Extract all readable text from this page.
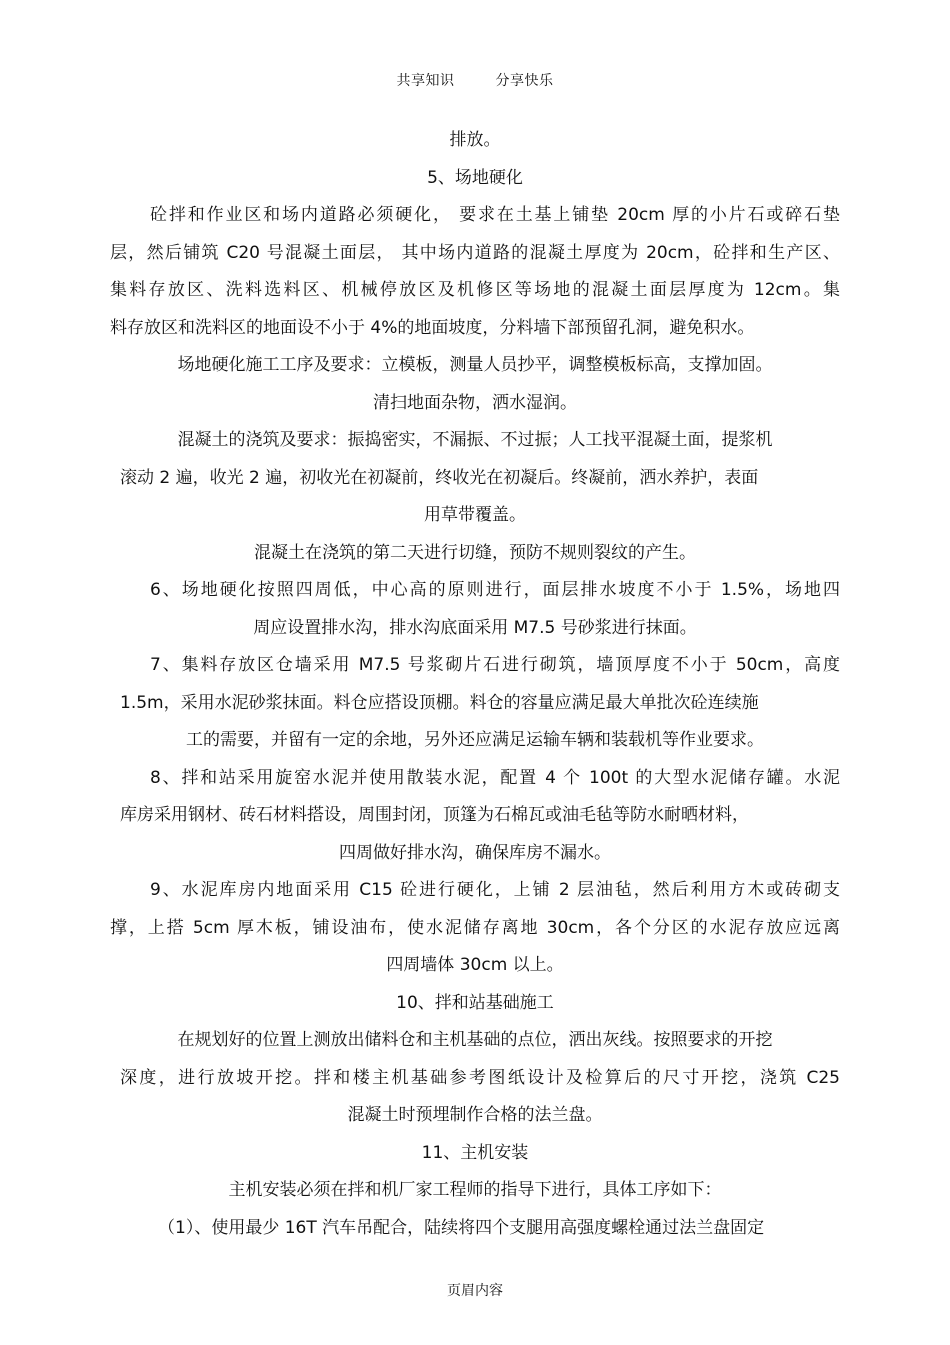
共享知识	分享快乐
排放。
5、场地硬化
砼拌和作业区和场内道路必须硬化， 要求在土基上铺垫 20cm 厚的小片石或碎石垫
层，然后铺筑 C20 号混凝土面层， 其中场内道路的混凝土厚度为 20cm，砼拌和生产区、
集料存放区、洗料选料区、机械停放区及机修区等场地的混凝土面层厚度为 12cm。集
料存放区和洗料区的地面设不小于 4%的地面坡度，分料墙下部预留孔洞，避免积水。
场地硬化施工工序及要求：立模板，测量人员抄平，调整模板标高，支撑加固。
清扫地面杂物，洒水湿润。
混凝土的浇筑及要求：振捣密实，不漏振、不过振；人工找平混凝土面，提浆机
滚动 2 遍，收光 2 遍，初收光在初凝前，终收光在初凝后。终凝前，洒水养护，表面
用草带覆盖。
混凝土在浇筑的第二天进行切缝，预防不规则裂纹的产生。
6、场地硬化按照四周低，中心高的原则进行，面层排水坡度不小于 1.5%，场地四
周应设置排水沟，排水沟底面采用 M7.5 号砂浆进行抹面。
7、集料存放区仓墙采用 M7.5 号浆砌片石进行砌筑，墙顶厚度不小于 50cm，高度
1.5m，采用水泥砂浆抹面。料仓应搭设顶棚。料仓的容量应满足最大单批次砼连续施
工的需要，并留有一定的余地，另外还应满足运输车辆和装载机等作业要求。
8、拌和站采用旋窑水泥并使用散装水泥，配置 4 个 100t 的大型水泥储存罐。水泥
库房采用钢材、砖石材料搭设，周围封闭，顶篷为石棉瓦或油毛毡等防水耐晒材料，
四周做好排水沟，确保库房不漏水。
9、水泥库房内地面采用 C15 砼进行硬化，上铺 2 层油毡，然后利用方木或砖砌支
撑，上搭 5cm 厚木板，铺设油布，使水泥储存离地 30cm，各个分区的水泥存放应远离
四周墙体 30cm 以上。
10、拌和站基础施工
在规划好的位置上测放出储料仓和主机基础的点位，洒出灰线。按照要求的开挖
深度，进行放坡开挖。拌和楼主机基础参考图纸设计及检算后的尺寸开挖，浇筑 C25
混凝土时预埋制作合格的法兰盘。
11、主机安装
主机安装必须在拌和机厂家工程师的指导下进行，具体工序如下：
（1）、使用最少 16T 汽车吊配合，陆续将四个支腿用高强度螺栓通过法兰盘固定
页眉内容
